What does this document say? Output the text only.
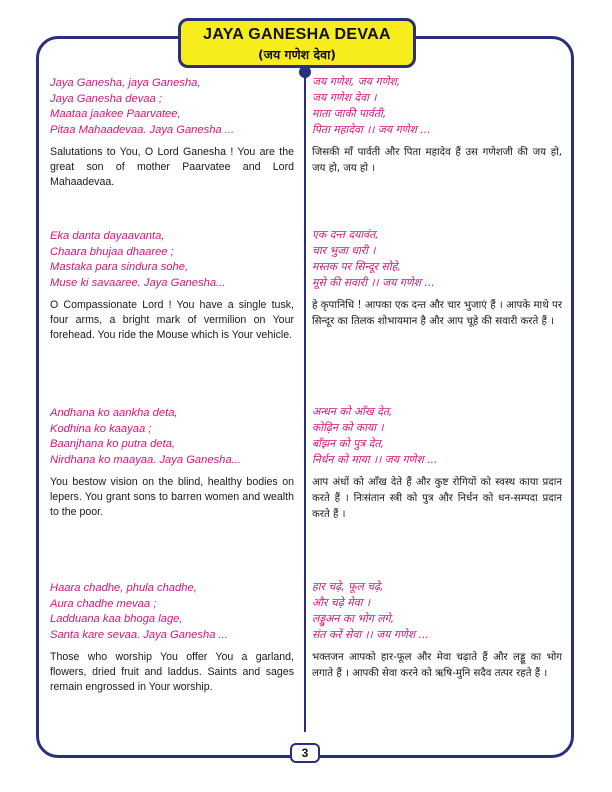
JAYA GANESHA DEVAA
(जय गणेश देवा)

Jaya Ganesha, jaya Ganesha,
Jaya Ganesha devaa ;
Maataa jaakee Paarvatee,
Pitaa Mahaadevaa. Jaya Ganesha ...

Salutations to You, O Lord Ganesha ! You are the great son of mother Paarvatee and Lord Mahaadevaa.

जय गणेश, जय गणेश,
जय गणेश देवा ।
माता जाकी पार्वती,
पिता महादेवा ।। जय गणेश ...

जिसकी माँ पार्वती और पिता महादेव हैं उस गणेशजी की जय हो, जय हो, जय हो ।

Eka danta dayaavanta,
Chaara bhujaa dhaaree ;
Mastaka para sindura sohe,
Muse ki savaaree. Jaya Ganesha...

O Compassionate Lord ! You have a single tusk, four arms, a bright mark of vermilion on Your forehead. You ride the Mouse which is Your vehicle.

एक दन्त दयावंत,
चार भुजा धारी ।
मस्तक पर सिन्दूर सोहे,
मूसे की सवारी ।। जय गणेश ...

हे कृपानिधि ! आपका एक दन्त और चार भुजाएं हैं । आपके माथे पर सिन्दूर का तिलक शोभायमान है और आप चूहे की सवारी करते हैं ।

Andhana ko aankha deta,
Kodhina ko kaayaa ;
Baanjhana ko putra deta,
Nirdhana ko maayaa. Jaya Ganesha...

You bestow vision on the blind, healthy bodies on lepers. You grant sons to barren women and wealth to the poor.

अन्धन को आँख देत,
कोढ़िन को काया ।
बाँझन को पुत्र देत,
निर्धन को माया ।। जय गणेश ...

आप अंधों को आँख देते हैं और कुष्ट रोगियों को स्वस्थ काया प्रदान करते हैं । निःसंतान स्त्री को पुत्र और निर्धन को धन-सम्पदा प्रदान करते हैं ।

Haara chadhe, phula chadhe,
Aura chadhe mevaa ;
Ladduana kaa bhoga lage,
Santa kare sevaa. Jaya Ganesha ...

Those who worship You offer You a garland, flowers, dried fruit and laddus. Saints and sages remain engrossed in Your worship.

हार चढ़े, फूल चढ़े,
और चढ़े मेवा ।
लड्डुअन का भोग लगे,
संत करें सेवा ।। जय गणेश ...

भक्तजन आपको हार-फूल और मेवा चढ़ाते हैं और लड्डू का भोग लगाते हैं । आपकी सेवा करने को ऋषि-मुनि सदैव तत्पर रहते हैं ।

3
